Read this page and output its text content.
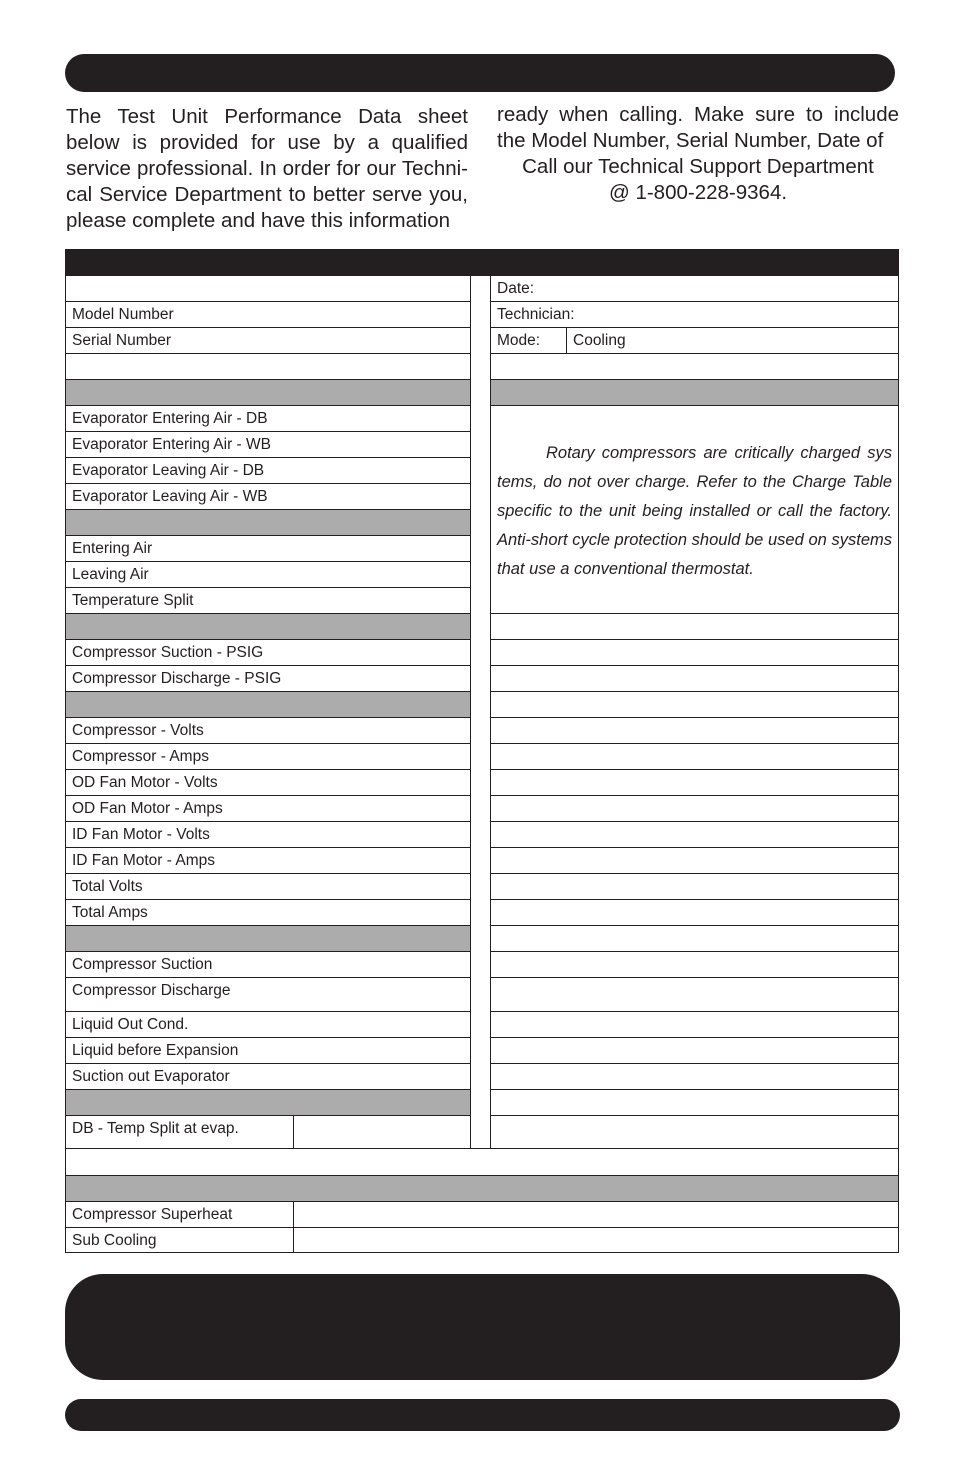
The Test Unit Performance Data sheet below is provided for use by a qualified service professional. In order for our Techni-cal Service Department to better serve you, please complete and have this information
ready when calling. Make sure to include the Model Number, Serial Number, Date of
Call our Technical Support Department
@ 1-800-228-9364.
Model Number
Serial Number
Date:
Technician:
Mode:	Cooling
Rotary compressors are critically charged sys tems, do not over charge. Refer to the Charge Table specific to the unit being installed or call the factory. Anti-short cycle protection should be used on systems that use a conventional thermostat.
Evaporator Entering Air - DB
Evaporator Entering Air - WB
Evaporator Leaving Air - DB
Evaporator Leaving Air - WB
Entering Air
Leaving Air
Temperature Split
Compressor Suction - PSIG
Compressor Discharge - PSIG
Compressor - Volts
Compressor - Amps
OD Fan Motor - Volts
OD Fan Motor - Amps
ID Fan Motor - Volts
ID Fan Motor - Amps
Total Volts
Total Amps
Compressor Suction
Compressor Discharge
Liquid Out Cond.
Liquid before Expansion
Suction out Evaporator
DB - Temp Split at evap.
Compressor Superheat
Sub Cooling
